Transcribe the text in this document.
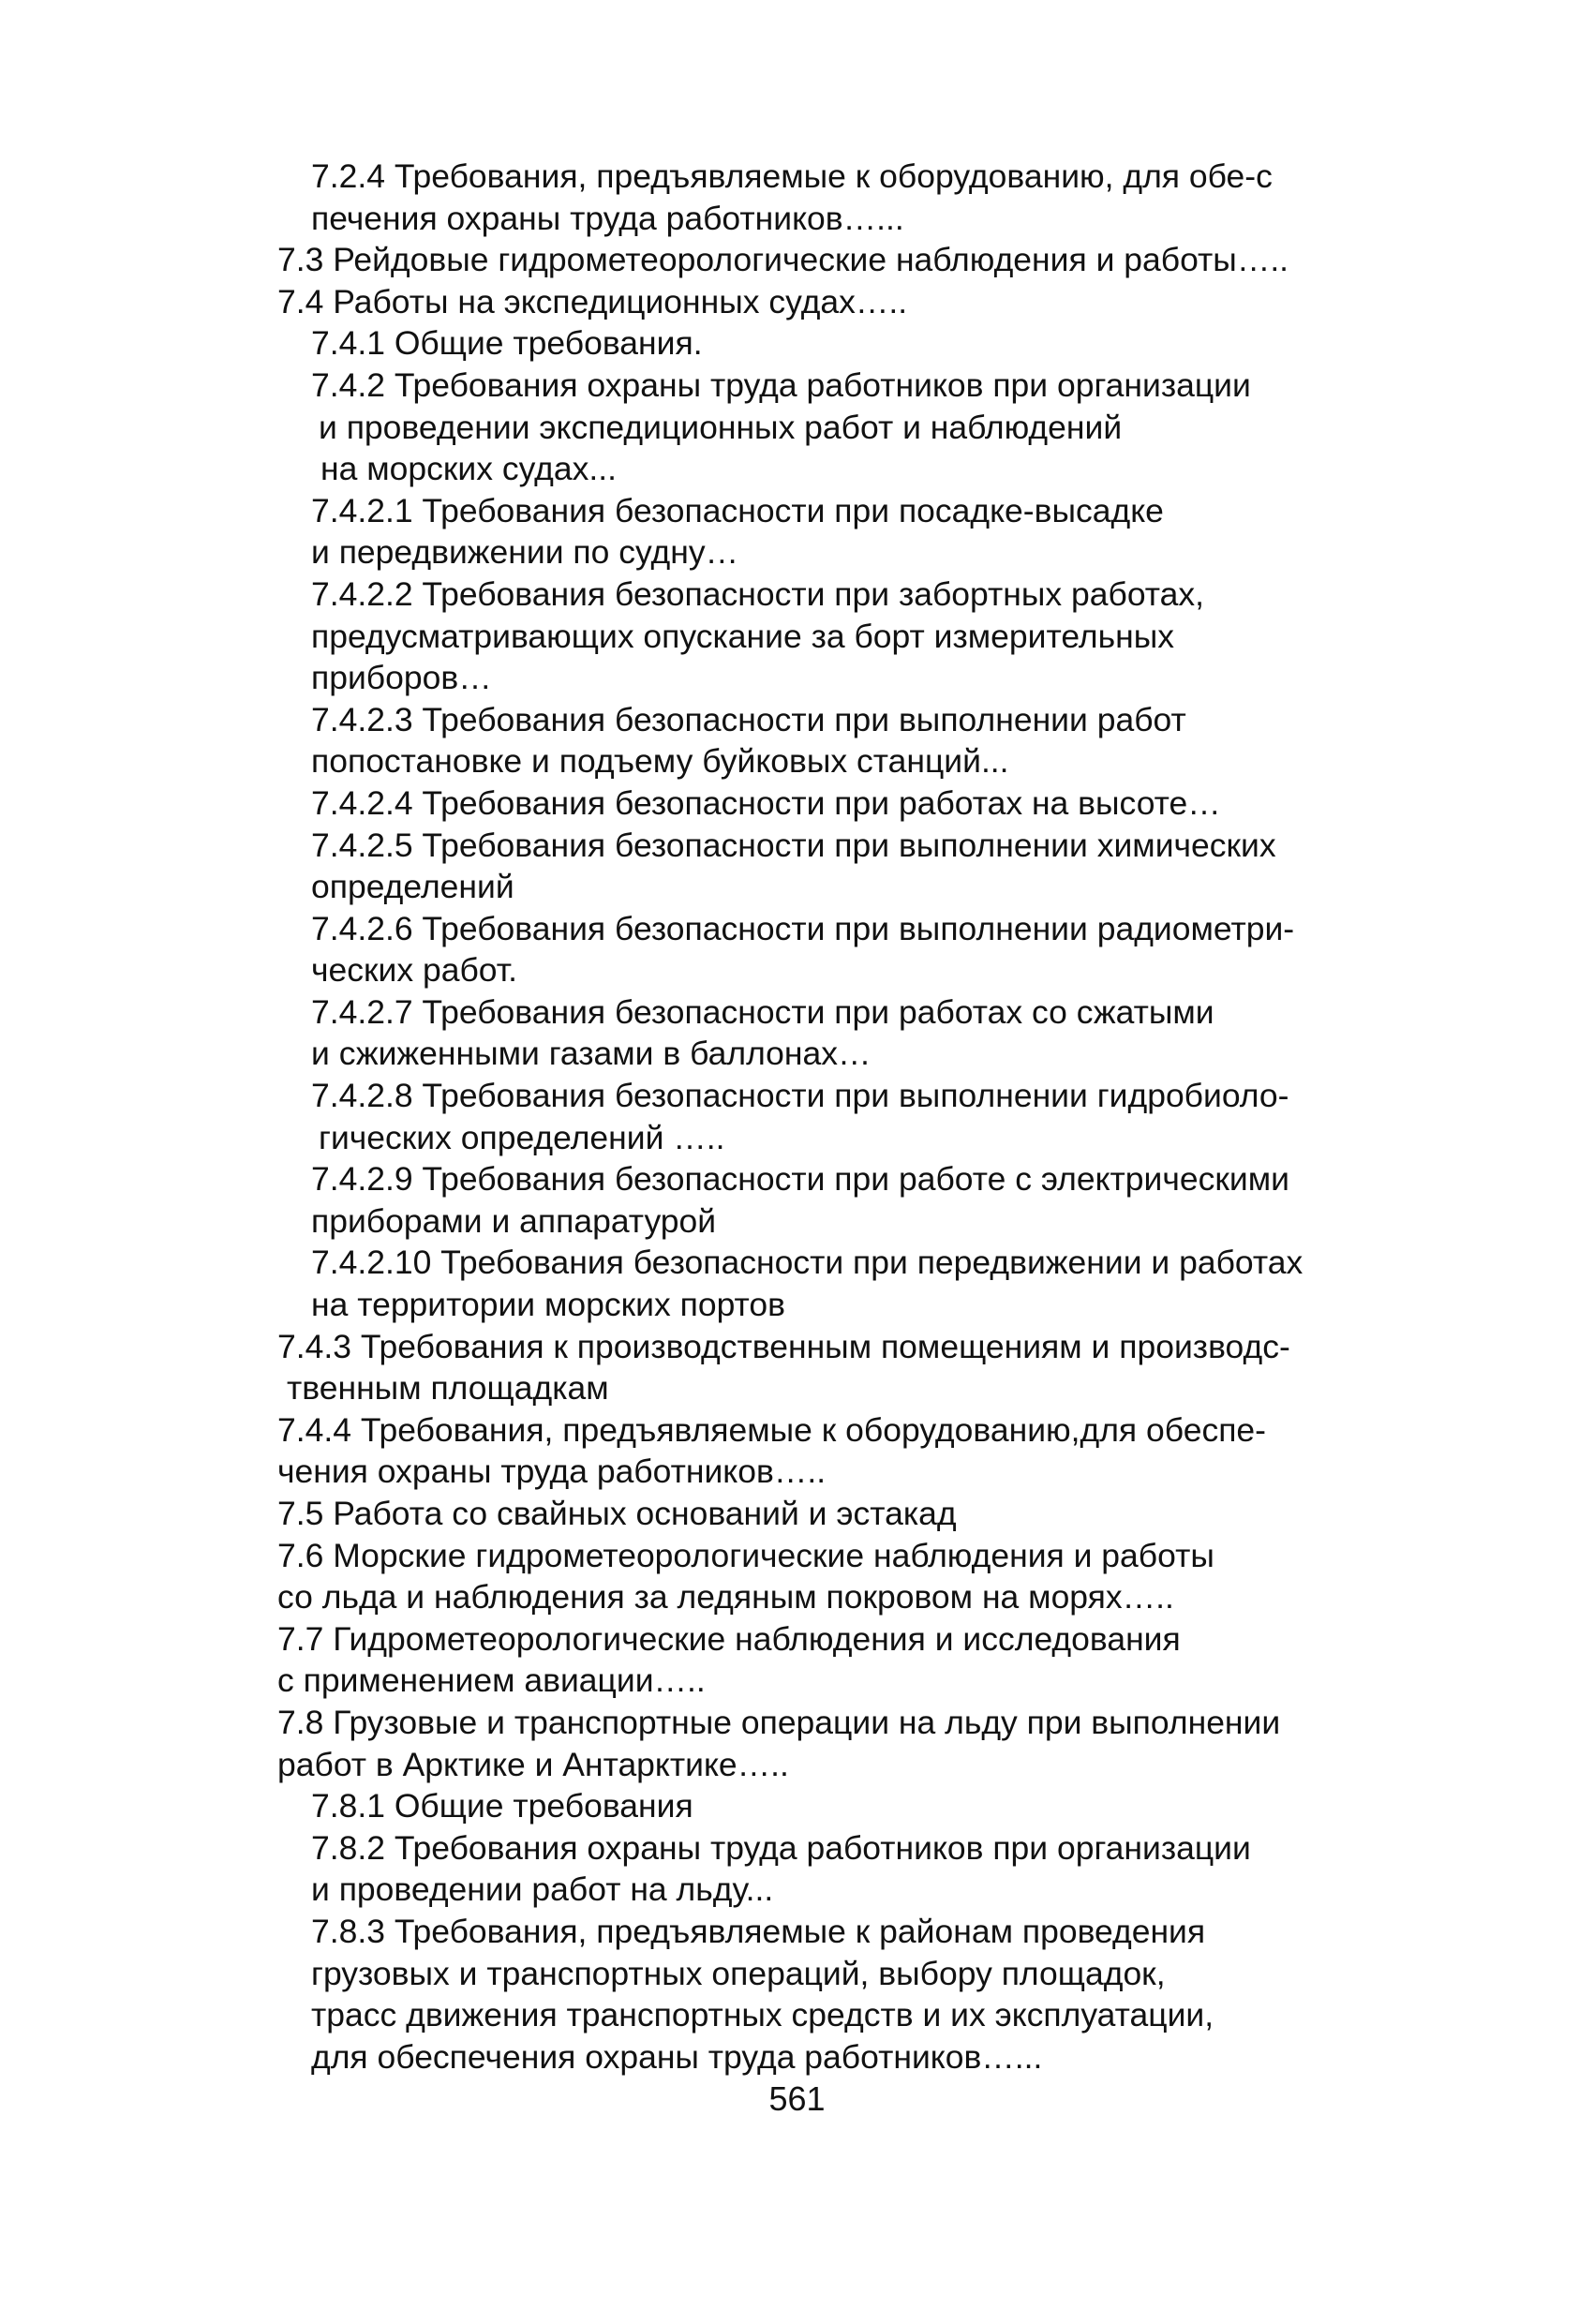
7.2.4 Требования, предъявляемые к оборудованию, для обе-с
печения охраны труда работников…...
7.3 Рейдовые гидрометеорологические наблюдения и работы…..
7.4 Работы на экспедиционных судах…..
7.4.1 Общие требования.
7.4.2 Требования охраны труда работников при организации
и проведении экспедиционных работ и наблюдений
на морских судах...
7.4.2.1 Требования безопасности при посадке-высадке
и передвижении по судну…
7.4.2.2 Требования безопасности при забортных работах,
предусматривающих опускание за борт измерительных
приборов…
7.4.2.3 Требования безопасности при выполнении работ
попостановке и подъему буйковых станций...
7.4.2.4 Требования безопасности при работах на высоте…
7.4.2.5 Требования безопасности при выполнении химических
определений
7.4.2.6 Требования безопасности при выполнении радиометри-
ческих работ.
7.4.2.7 Требования безопасности при работах со сжатыми
и сжиженными газами в баллонах…
7.4.2.8 Требования безопасности при выполнении гидробиоло-
гических определений …..
7.4.2.9 Требования безопасности при работе с электрическими
приборами и аппаратурой
7.4.2.10 Требования безопасности при передвижении и работах
на территории морских портов
7.4.3 Требования к производственным помещениям и производс-
твенным площадкам
7.4.4 Требования, предъявляемые к оборудованию,для обеспе-
чения охраны труда работников…..
7.5 Работа со свайных оснований и эстакад
7.6 Морские гидрометеорологические наблюдения и работы
со льда и наблюдения за ледяным покровом на морях…..
7.7 Гидрометеорологические наблюдения и исследования
с применением авиации…..
7.8 Грузовые и транспортные операции на льду при выполнении
работ в Арктике и Антарктике…..
7.8.1 Общие требования
7.8.2 Требования охраны труда работников при организации
и проведении работ на льду...
7.8.3 Требования, предъявляемые к районам проведения
грузовых и транспортных операций, выбору площадок,
трасс движения транспортных средств и их эксплуатации,
для обеспечения охраны труда работников…...
561
